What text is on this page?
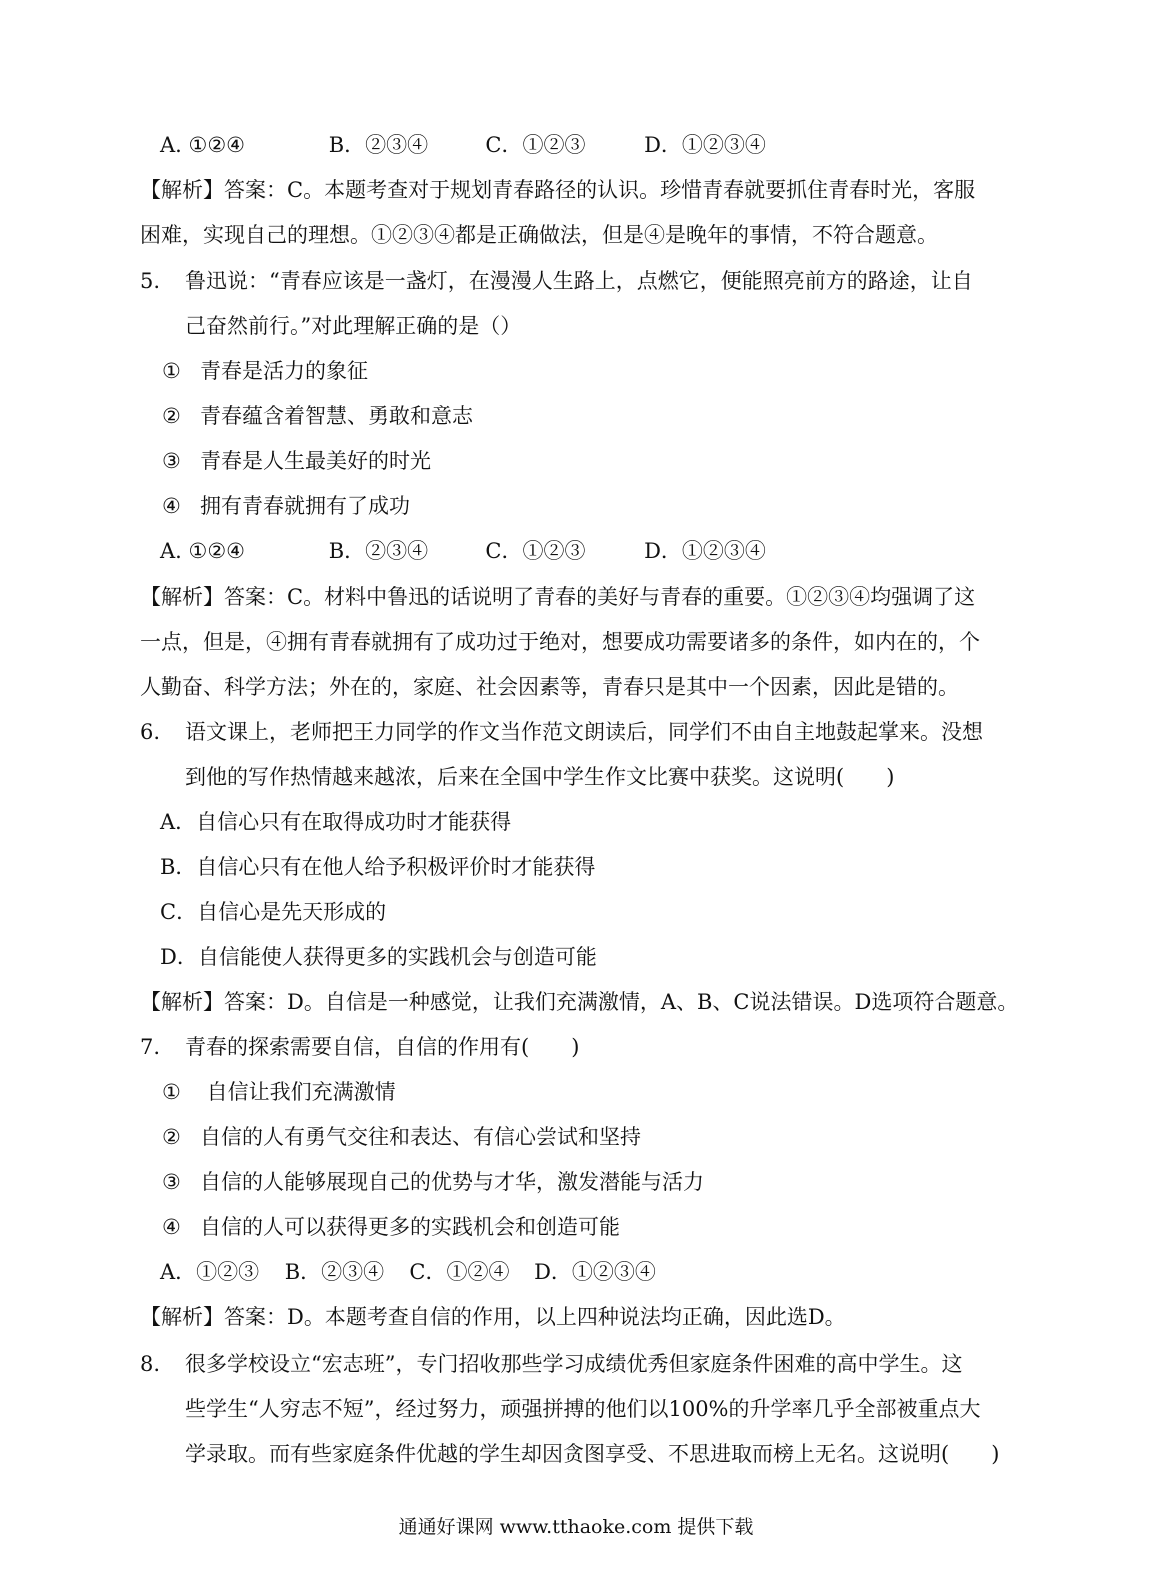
A. ①②④	B．②③④	C．①②③	D．①②③④
【解析】答案：C。本题考查对于规划青春路径的认识。珍惜青春就要抓住青春时光，客服
困难，实现自己的理想。①②③④都是正确做法，但是④是晚年的事情，不符合题意。
5. 鲁迅说：“青春应该是一盏灯，在漫漫人生路上，点燃它，便能照亮前方的路途，让自
己奋然前行。”对此理解正确的是（）
① 青春是活力的象征
② 青春蕴含着智慧、勇敢和意志
③ 青春是人生最美好的时光
④ 拥有青春就拥有了成功
A. ①②④	B．②③④	C．①②③	D．①②③④
【解析】答案：C。材料中鲁迅的话说明了青春的美好与青春的重要。①②③④均强调了这
一点，但是，④拥有青春就拥有了成功过于绝对，想要成功需要诸多的条件，如内在的，个
人勤奋、科学方法；外在的，家庭、社会因素等，青春只是其中一个因素，因此是错的。
6. 语文课上，老师把王力同学的作文当作范文朗读后，同学们不由自主地鼓起掌来。没想
到他的写作热情越来越浓，后来在全国中学生作文比赛中获奖。这说明(　　)
A．自信心只有在取得成功时才能获得
B．自信心只有在他人给予积极评价时才能获得
C．自信心是先天形成的
D．自信能使人获得更多的实践机会与创造可能
【解析】答案：D。自信是一种感觉，让我们充满激情，A、B、C说法错误。D选项符合题意。
7. 青春的探索需要自信，自信的作用有(　　)
① 自信让我们充满激情
② 自信的人有勇气交往和表达、有信心尝试和坚持
③ 自信的人能够展现自己的优势与才华，激发潜能与活力
④ 自信的人可以获得更多的实践机会和创造可能
A．①②③ B．②③④ C．①②④ D．①②③④
【解析】答案：D。本题考查自信的作用，以上四种说法均正确，因此选D。
8. 很多学校设立“宏志班”，专门招收那些学习成绩优秀但家庭条件困难的高中学生。这
些学生“人穷志不短”，经过努力，顽强拼搏的他们以100%的升学率几乎全部被重点大
学录取。而有些家庭条件优越的学生却因贪图享受、不思进取而榜上无名。这说明(　　)
通通好课网 www.tthaoke.com 提供下载
